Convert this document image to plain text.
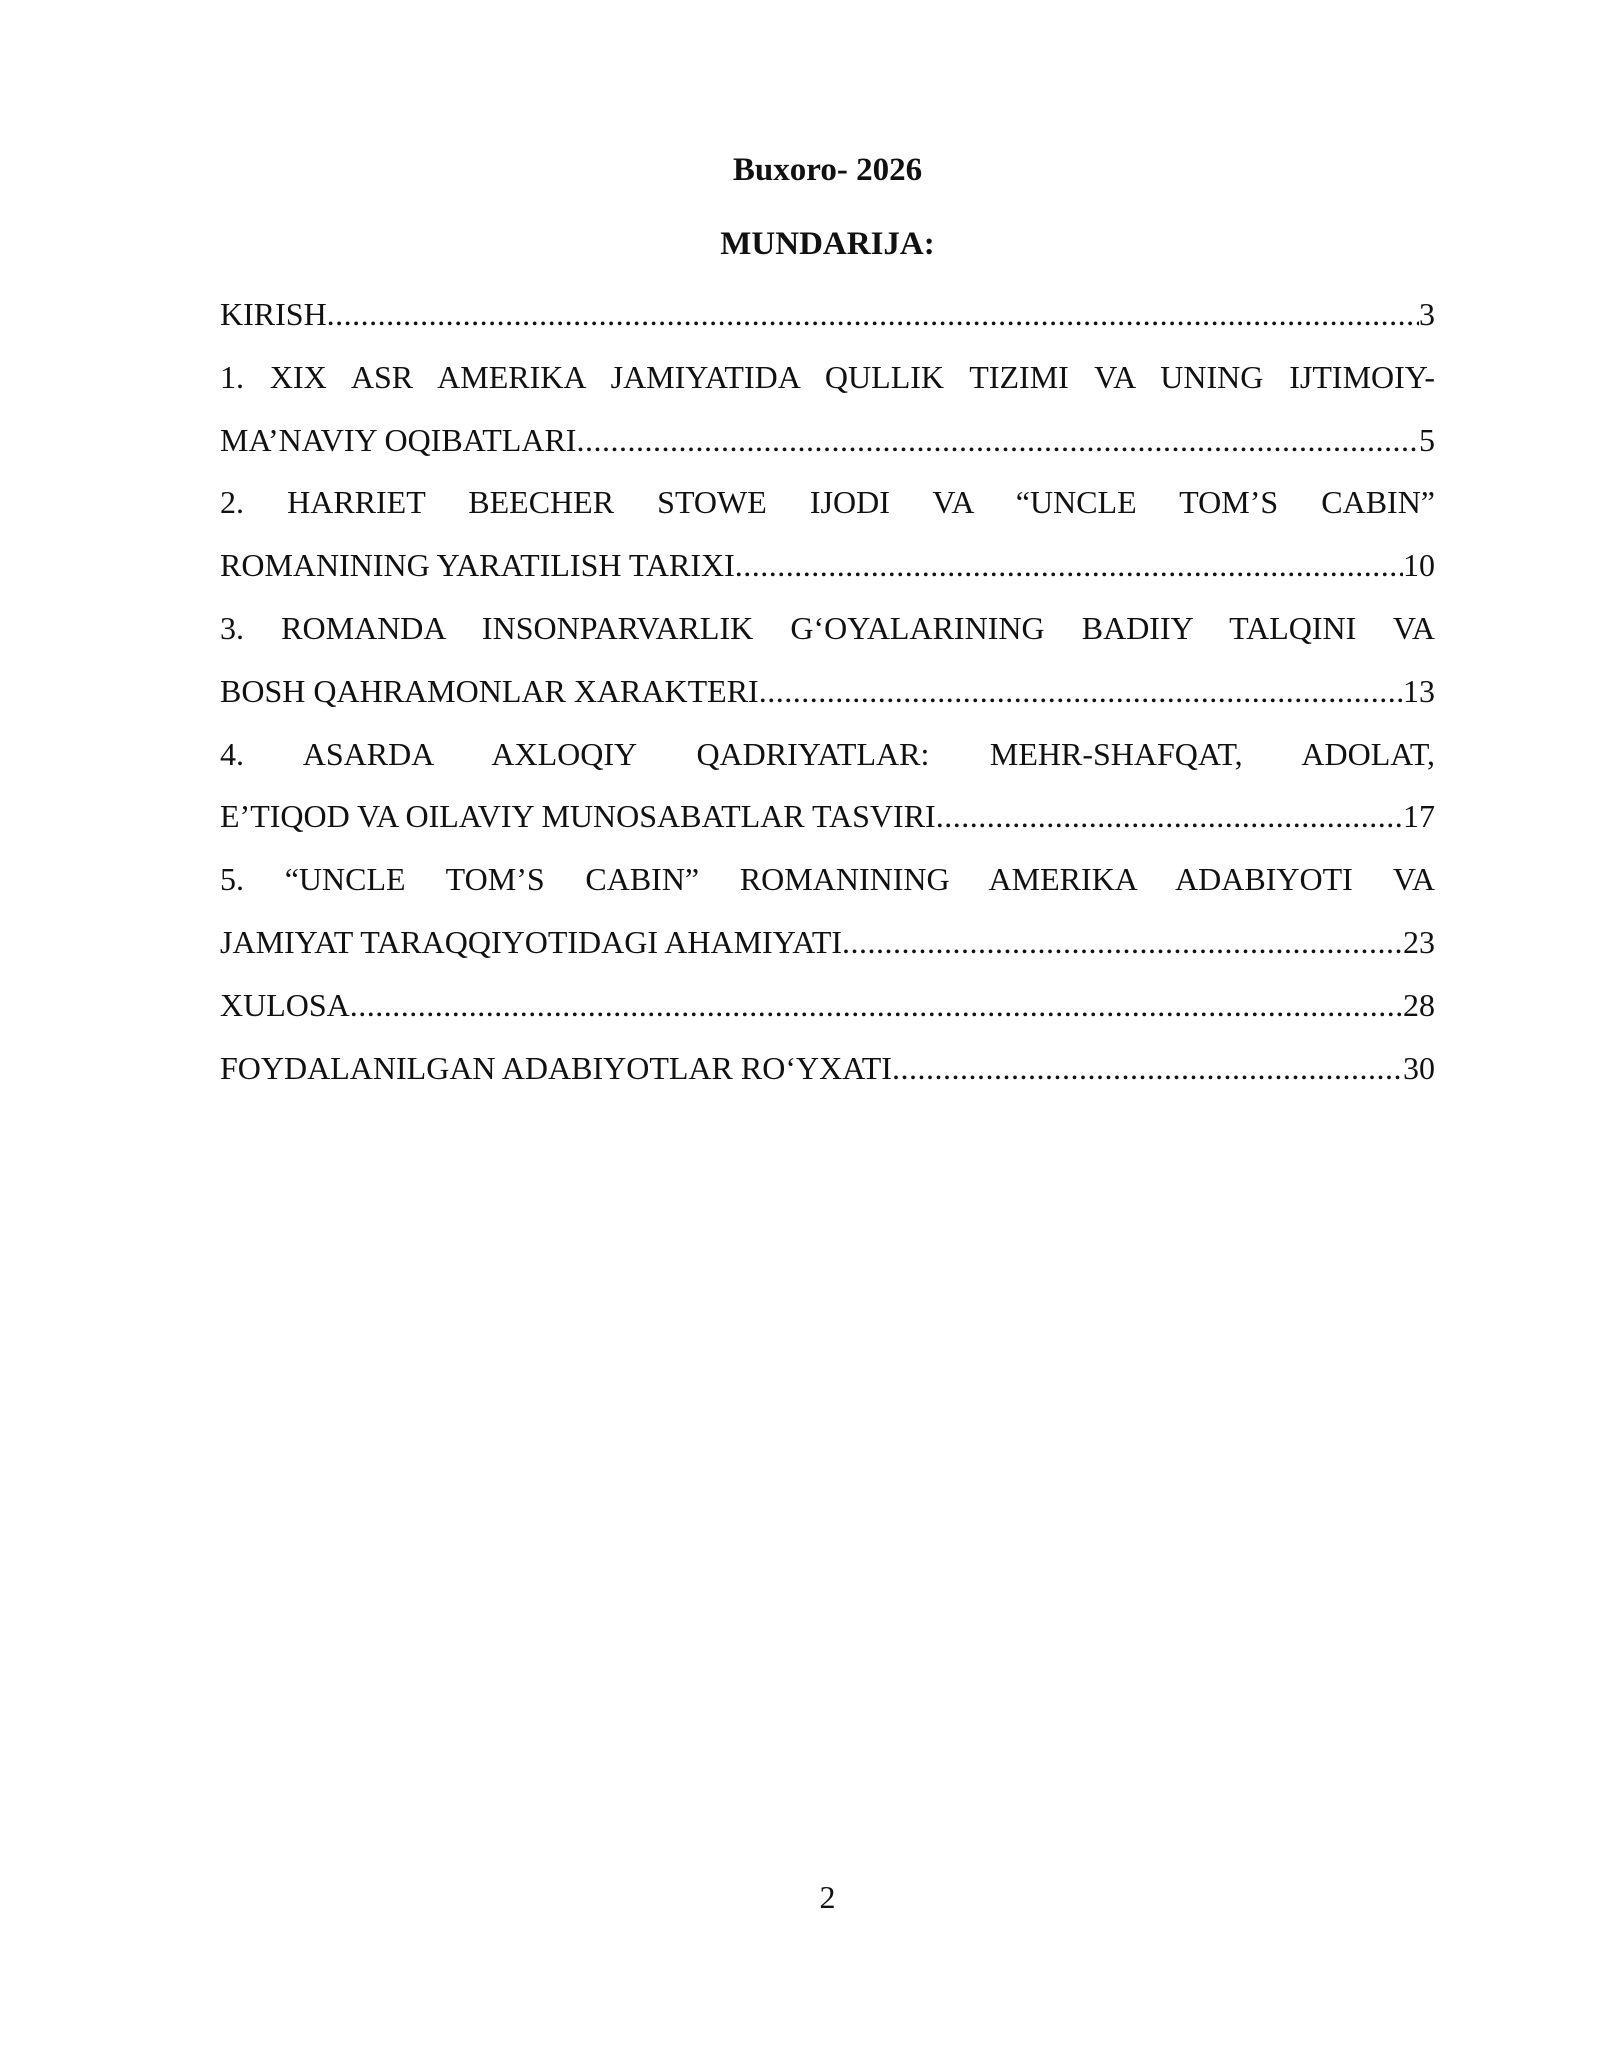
Buxoro- 2026
MUNDARIJA:
KIRISH .....	3
1. XIX ASR AMERIKA JAMIYATIDA QULLIK TIZIMI VA UNING IJTIMOIY-
MA’NAVIY OQIBATLARI .....	5
2. HARRIET BEECHER STOWE IJODI VA “UNCLE TOM’S CABIN”
ROMANINING YARATILISH TARIXI .....	10
3. ROMANDA INSONPARVARLIK G‘OYALARINING BADIIY TALQINI VA
BOSH QAHRAMONLAR XARAKTERI .....	13
4. ASARDA AXLOQIY QADRIYATLAR: MEHR-SHAFQAT, ADOLAT,
E’TIQOD VA OILAVIY MUNOSABATLAR TASVIRI .....	17
5. “UNCLE TOM’S CABIN” ROMANINING AMERIKA ADABIYOTI VA
JAMIYAT TARAQQIYOTIDAGI AHAMIYATI .....	23
XULOSA .....	28
FOYDALANILGAN ADABIYOTLAR RO‘YXATI .....	30
2
